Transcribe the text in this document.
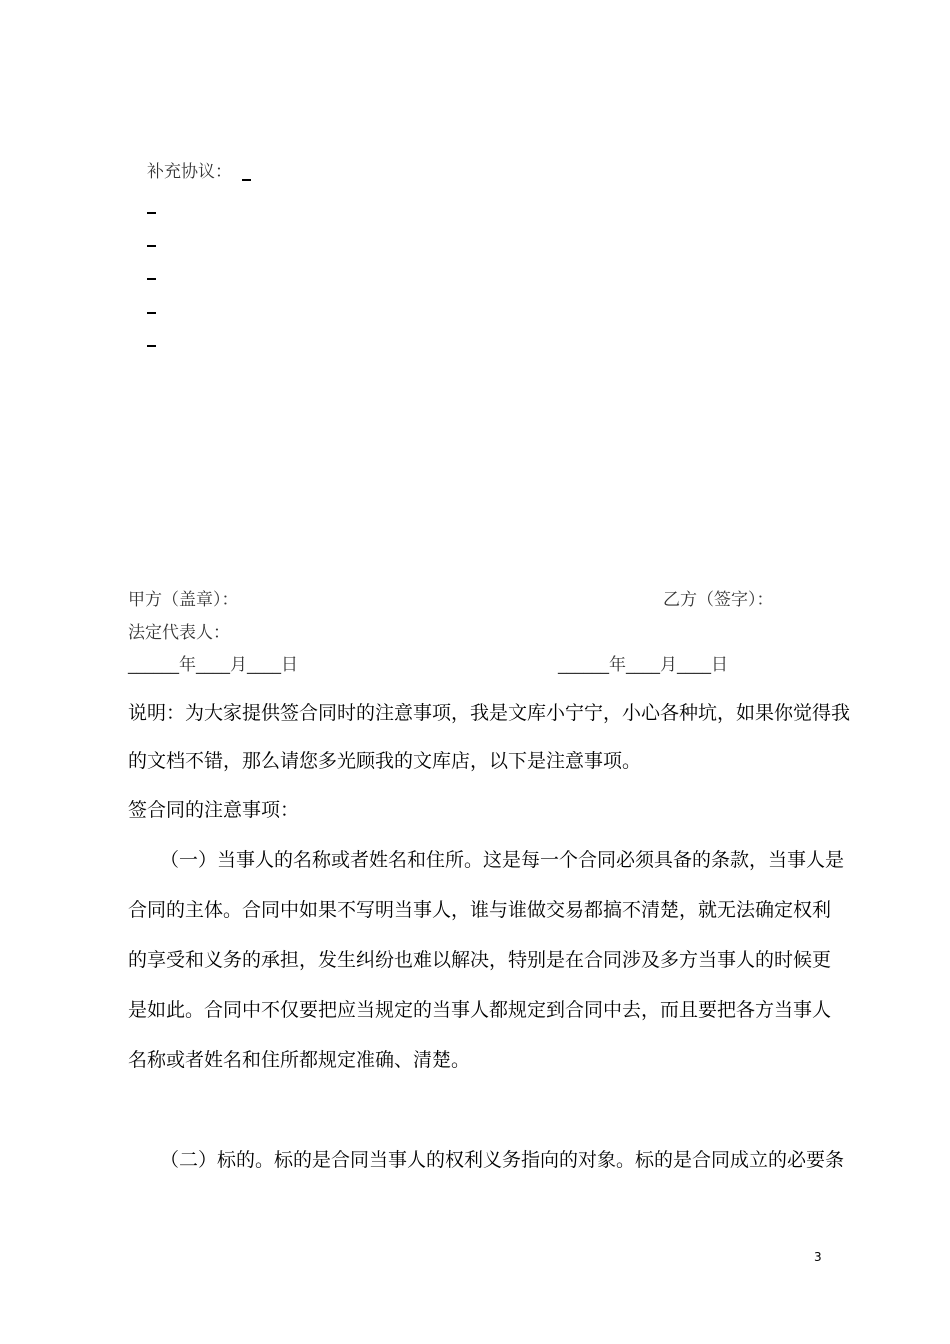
补充协议：
甲方（盖章）：	乙方（签字）：
法定代表人：
______年____月____日	______年____月____日
说明：为大家提供签合同时的注意事项，我是文库小宁宁，小心各种坑，如果你觉得我
的文档不错，那么请您多光顾我的文库店，以下是注意事项。
签合同的注意事项：
（一）当事人的名称或者姓名和住所。这是每一个合同必须具备的条款，当事人是
合同的主体。合同中如果不写明当事人，谁与谁做交易都搞不清楚，就无法确定权利
的享受和义务的承担，发生纠纷也难以解决，特别是在合同涉及多方当事人的时候更
是如此。合同中不仅要把应当规定的当事人都规定到合同中去，而且要把各方当事人
名称或者姓名和住所都规定准确、清楚。
（二）标的。标的是合同当事人的权利义务指向的对象。标的是合同成立的必要条
3
